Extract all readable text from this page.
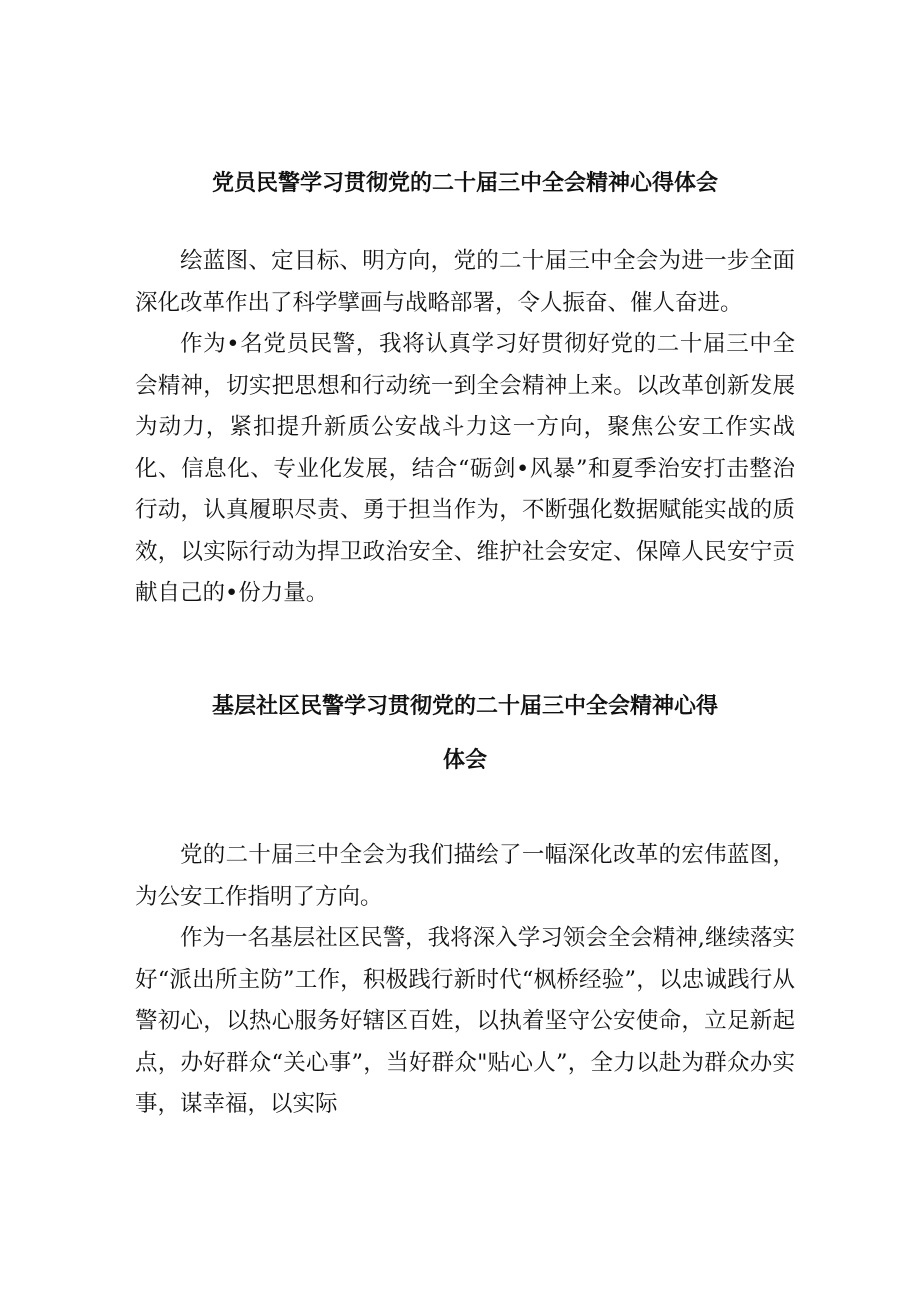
党员民警学习贯彻党的二十届三中全会精神心得体会

绘蓝图、定目标、明方向，党的二十届三中全会为进一步全面深化改革作出了科学擘画与战略部署，令人振奋、催人奋进。

作为•名党员民警，我将认真学习好贯彻好党的二十届三中全会精神，切实把思想和行动统一到全会精神上来。以改革创新发展为动力，紧扣提升新质公安战斗力这一方向，聚焦公安工作实战化、信息化、专业化发展，结合“砺剑•风暴”和夏季治安打击整治行动，认真履职尽责、勇于担当作为，不断强化数据赋能实战的质效，以实际行动为捍卫政治安全、维护社会安定、保障人民安宁贡献自己的•份力量。

基层社区民警学习贯彻党的二十届三中全会精神心得
体会

党的二十届三中全会为我们描绘了一幅深化改革的宏伟蓝图，为公安工作指明了方向。

作为一名基层社区民警，我将深入学习领会全会精神,继续落实好“派出所主防”工作，积极践行新时代“枫桥经验”，以忠诚践行从警初心，以热心服务好辖区百姓，以执着坚守公安使命，立足新起点，办好群众“关心事”，当好群众"贴心人”，全力以赴为群众办实事，谋幸福，以实际
